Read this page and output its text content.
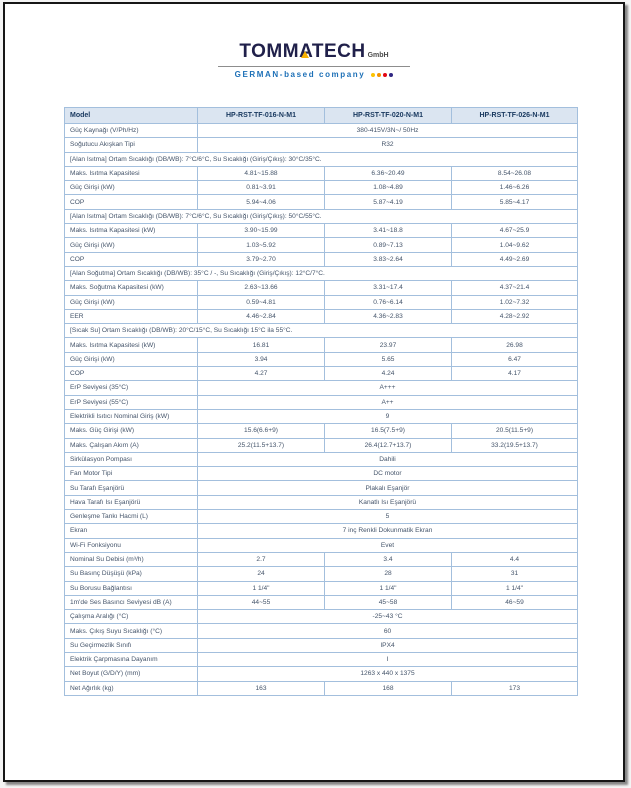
TOMMATECH GmbH
GERMAN-based company
Model	HP-RST-TF-016-N-M1	HP-RST-TF-020-N-M1	HP-RST-TF-026-N-M1
Güç Kaynağı (V/Ph/Hz)	380-415V/3N~/ 50Hz		
Soğutucu Akışkan Tipi	R32		
[Alan Isıtma] Ortam Sıcaklığı (DB/WB): 7°C/6°C, Su Sıcaklığı (Giriş/Çıkış): 30°C/35°C.			
Maks. Isıtma Kapasitesi	4.81~15.88	6.36~20.49	8.54~26.08
Güç Girişi (kW)	0.81~3.91	1.08~4.89	1.46~6.26
COP	5.94~4.06	5.87~4.19	5.85~4.17
[Alan Isıtma] Ortam Sıcaklığı (DB/WB): 7°C/6°C, Su Sıcaklığı (Giriş/Çıkış): 50°C/55°C.			
Maks. Isıtma Kapasitesi (kW)	3.90~15.99	3.41~18.8	4.67~25.9
Güç Girişi (kW)	1.03~5.92	0.89~7.13	1.04~9.62
COP	3.79~2.70	3.83~2.64	4.49~2.69
[Alan Soğutma] Ortam Sıcaklığı (DB/WB): 35°C / -, Su Sıcaklığı (Giriş/Çıkış): 12°C/7°C.			
Maks. Soğutma Kapasitesi (kW)	2.63~13.66	3.31~17.4	4.37~21.4
Güç Girişi (kW)	0.59~4.81	0.76~6.14	1.02~7.32
EER	4.46~2.84	4.36~2.83	4.28~2.92
[Sıcak Su] Ortam Sıcaklığı (DB/WB): 20°C/15°C, Su Sıcaklığı 15°C ila 55°C.			
Maks. Isıtma Kapasitesi (kW)	16.81	23.97	26.98
Güç Girişi (kW)	3.94	5.65	6.47
COP	4.27	4.24	4.17
ErP Seviyesi (35°C)	A+++		
ErP Seviyesi (55°C)	A++		
Elektrikli Isıtıcı Nominal Giriş (kW)	9		
Maks. Güç Girişi (kW)	15.6(6.6+9)	16.5(7.5+9)	20.5(11.5+9)
Maks. Çalışan Akım (A)	25.2(11.5+13.7)	26.4(12.7+13.7)	33.2(19.5+13.7)
Sirkülasyon Pompası	Dahili		
Fan Motor Tipi	DC motor		
Su Tarafı Eşanjörü	Plakalı Eşanjör		
Hava Tarafı Isı Eşanjörü	Kanatlı Isı Eşanjörü		
Genleşme Tankı Hacmi (L)	5		
Ekran	7 inç Renkli Dokunmatik Ekran		
Wi-Fi Fonksiyonu	Evet		
Nominal Su Debisi (m³/h)	2.7	3.4	4.4
Su Basınç Düşüşü (kPa)	24	28	31
Su Borusu Bağlantısı	1 1/4"	1 1/4"	1 1/4"
1m'de Ses Basıncı Seviyesi dB (A)	44~55	45~58	46~59
Çalışma Aralığı (°C)	-25~43 °C		
Maks. Çıkış Suyu Sıcaklığı (°C)	60		
Su Geçirmezlik Sınıfı	IPX4		
Elektrik Çarpmasına Dayanım	I		
Net Boyut (G/D/Y) (mm)	1263 x 440 x 1375		
Net Ağırlık (kg)	163	168	173
